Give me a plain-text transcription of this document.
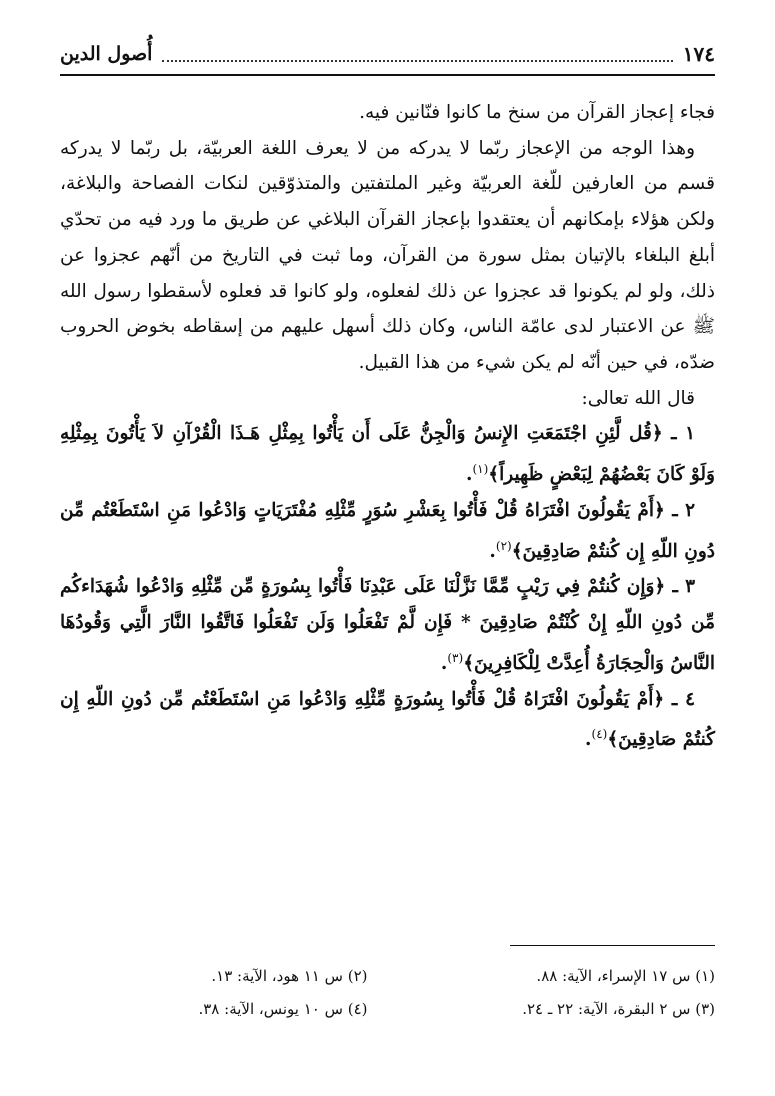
١٧٤
أُصول الدين

فجاء إعجاز القرآن من سنخ ما كانوا فنّانين فيه.

وهذا الوجه من الإعجاز ربّما لا يدركه من لا يعرف اللغة العربيّة، بل ربّما لا يدركه قسم من العارفين للّغة العربيّة وغير الملتفتين والمتذوّقين لنكات الفصاحة والبلاغة، ولكن هؤلاء بإمكانهم أن يعتقدوا بإعجاز القرآن البلاغي عن طريق ما ورد فيه من تحدّي أبلغ البلغاء بالإتيان بمثل سورة من القرآن، وما ثبت في التاريخ من أنّهم عجزوا عن ذلك، ولو لم يكونوا قد عجزوا عن ذلك لفعلوه، ولو كانوا قد فعلوه لأسقطوا رسول الله ﷺ عن الاعتبار لدى عامّة الناس، وكان ذلك أسهل عليهم من إسقاطه بخوض الحروب ضدّه، في حين أنّه لم يكن شيء من هذا القبيل.

قال الله تعالى:

١ ـ ﴿قُل لَّئِنِ اجْتَمَعَتِ الإِنسُ وَالْجِنُّ عَلَى أَن يَأْتُوا بِمِثْلِ هَـذَا الْقُرْآنِ لاَ يَأْتُونَ بِمِثْلِهِ وَلَوْ كَانَ بَعْضُهُمْ لِبَعْضٍ ظَهِيراً﴾$^{(١)}$.

٢ ـ ﴿أَمْ يَقُولُونَ افْتَرَاهُ قُلْ فَأْتُوا بِعَشْرِ سُوَرٍ مِّثْلِهِ مُفْتَرَيَاتٍ وَادْعُوا مَنِ اسْتَطَعْتُم مِّن دُونِ اللّهِ إِن كُنتُمْ صَادِقِينَ﴾$^{(٢)}$.

٣ ـ ﴿وَإِن كُنتُمْ فِي رَيْبٍ مِّمَّا نَزَّلْنَا عَلَى عَبْدِنَا فَأْتُوا بِسُورَةٍ مِّن مِّثْلِهِ وَادْعُوا شُهَدَاءكُم مِّن دُونِ اللّهِ إِنْ كُنْتُمْ صَادِقِينَ * فَإِن لَّمْ تَفْعَلُوا وَلَن تَفْعَلُوا فَاتَّقُوا النَّارَ الَّتِي وَقُودُهَا النَّاسُ وَالْحِجَارَةُ أُعِدَّتْ لِلْكَافِرِينَ﴾$^{(٣)}$.

٤ ـ ﴿أَمْ يَقُولُونَ افْتَرَاهُ قُلْ فَأْتُوا بِسُورَةٍ مِّثْلِهِ وَادْعُوا مَنِ اسْتَطَعْتُم مِّن دُونِ اللّهِ إِن كُنتُمْ صَادِقِينَ﴾$^{(٤)}$.

(١) س ١٧ الإسراء، الآية: ٨٨.
(٢) س ١١ هود، الآية: ١٣.
(٣) س ٢ البقرة، الآية: ٢٢ ـ ٢٤.
(٤) س ١٠ يونس، الآية: ٣٨.
